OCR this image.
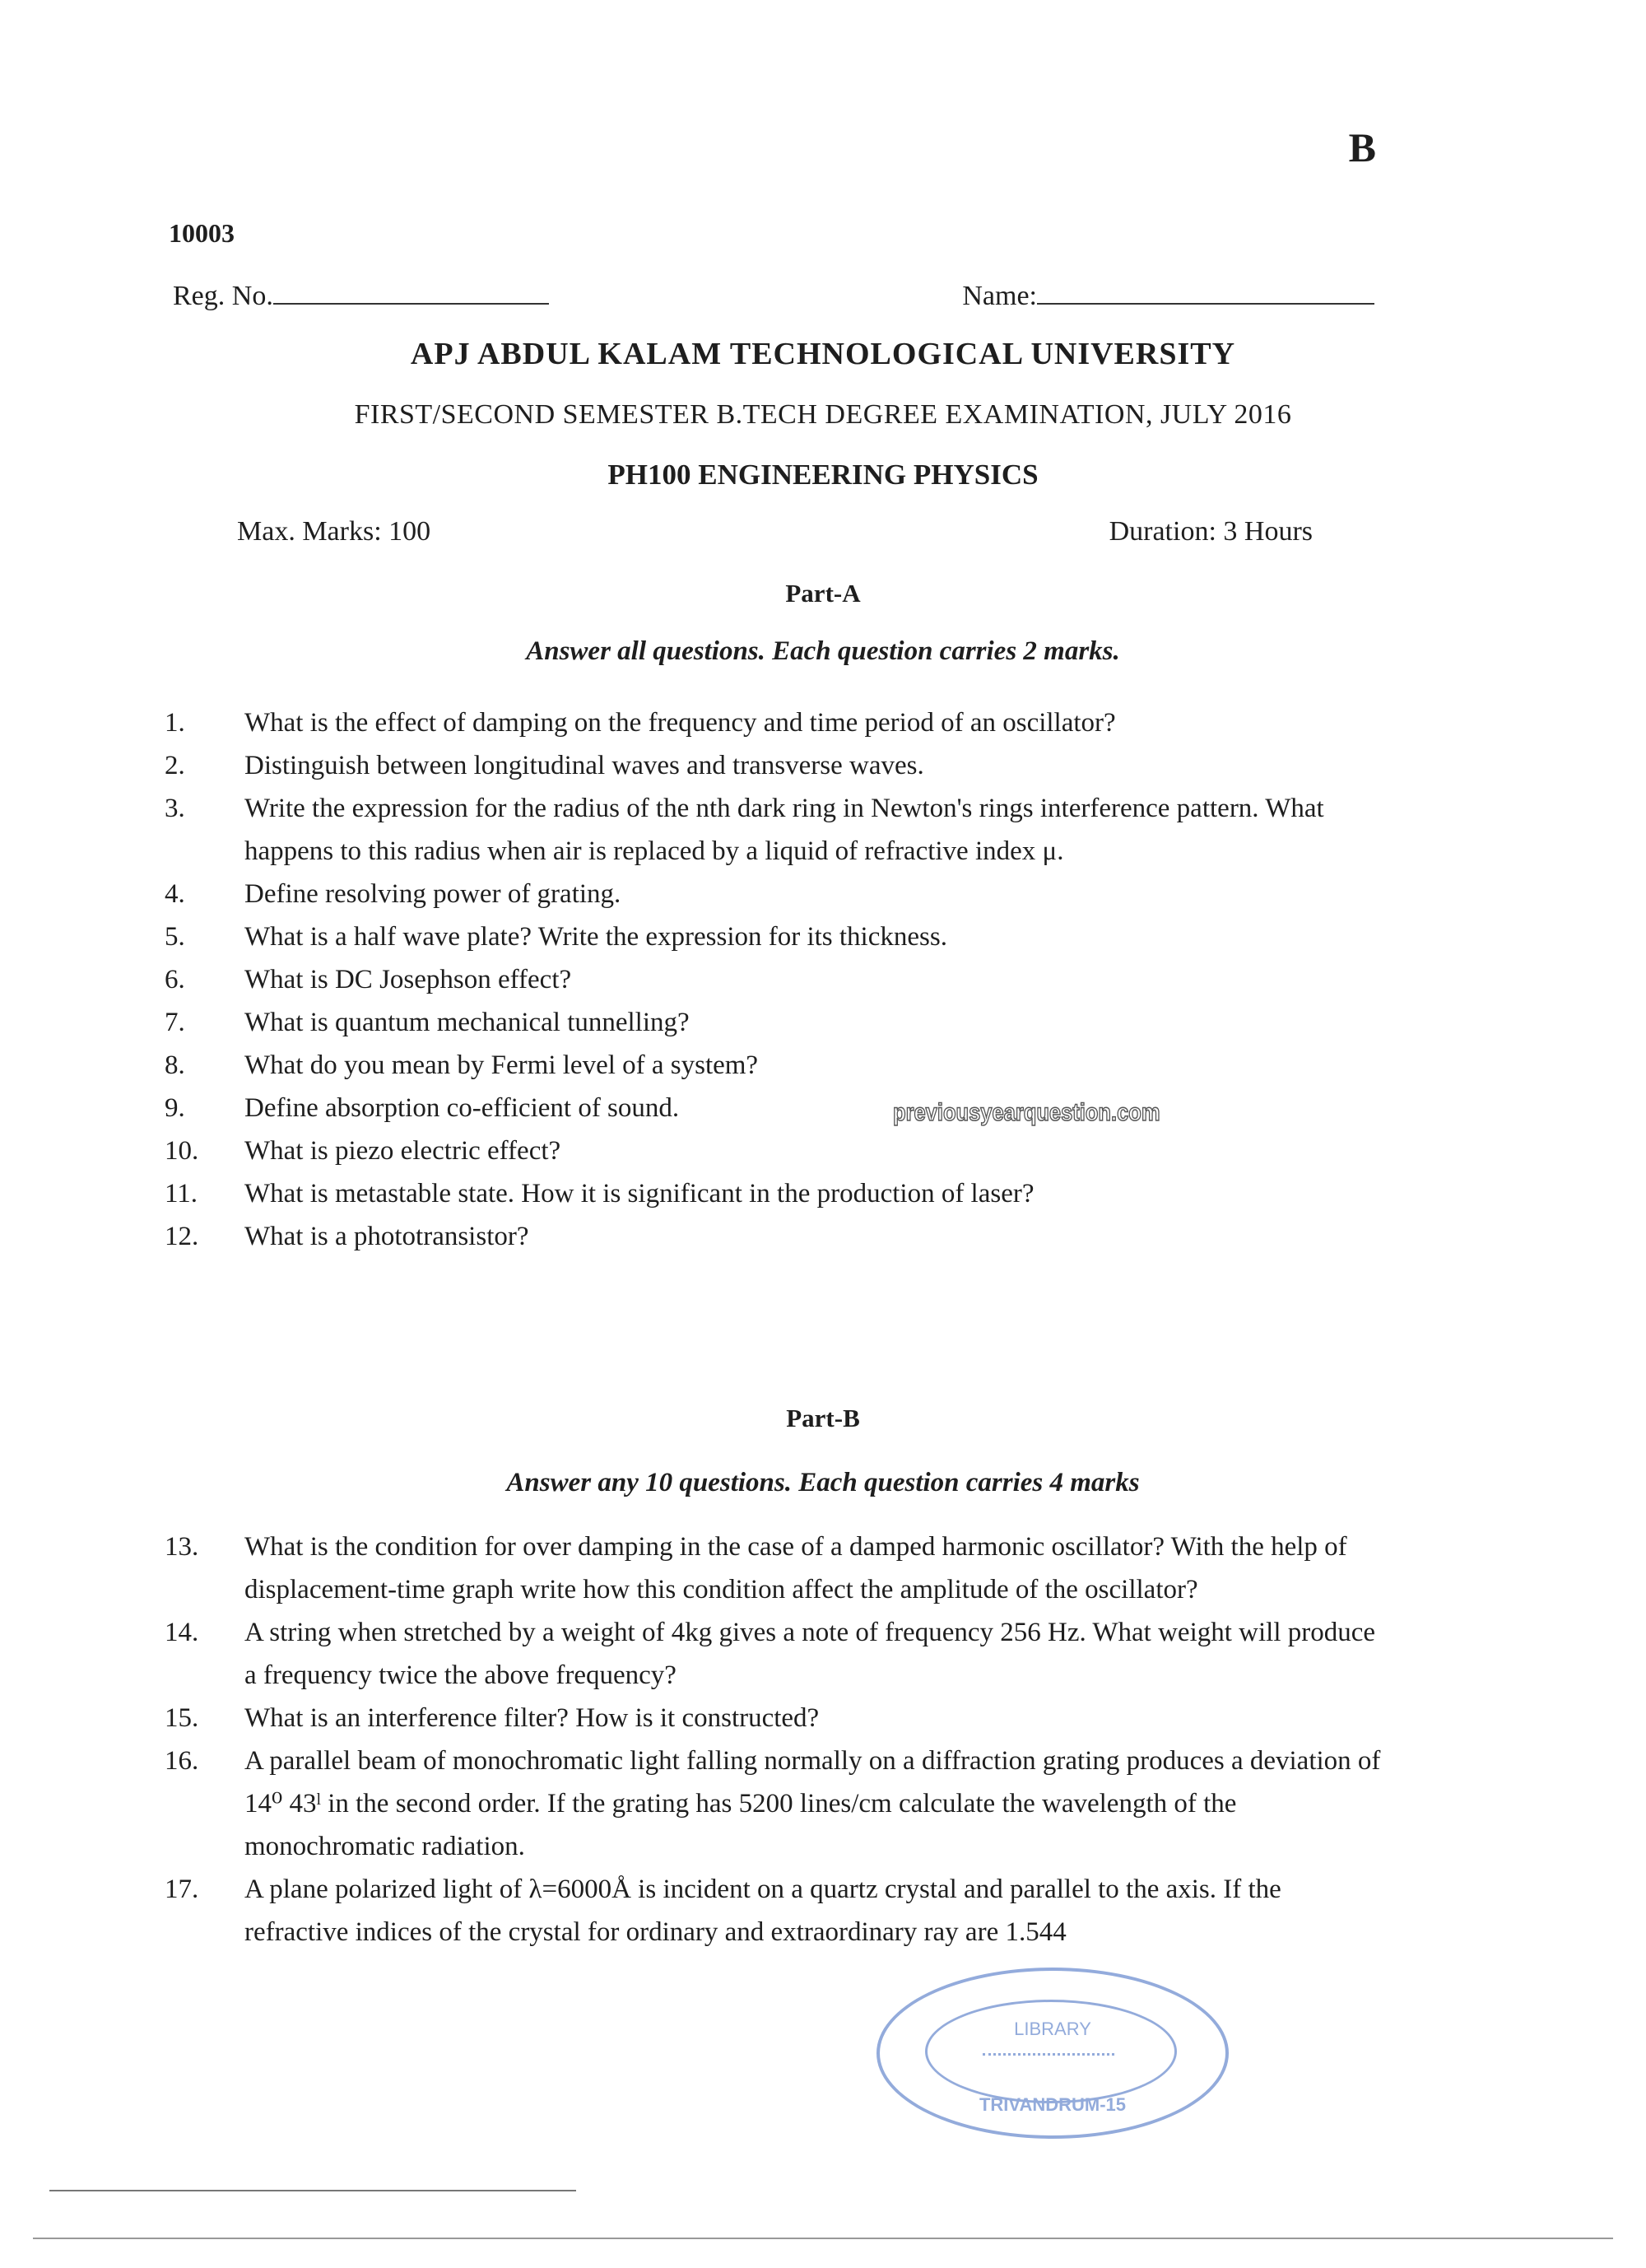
B
10003
Reg. No.	Name:
APJ ABDUL KALAM TECHNOLOGICAL UNIVERSITY
FIRST/SECOND SEMESTER B.TECH DEGREE EXAMINATION, JULY 2016
PH100 ENGINEERING PHYSICS
Max. Marks: 100	Duration: 3 Hours
Part-A
Answer all questions. Each question carries 2 marks.
1.	What is the effect of damping on the frequency and time period of an oscillator?
2.	Distinguish between longitudinal waves and transverse waves.
3.	Write the expression for the radius of the nth dark ring in Newton's rings interference pattern. What happens to this radius when air is replaced by a liquid of refractive index μ.
4.	Define resolving power of grating.
5.	What is a half wave plate? Write the expression for its thickness.
6.	What is DC Josephson effect?
7.	What is quantum mechanical tunnelling?
8.	What do you mean by Fermi level of a system?
9.	Define absorption co-efficient of sound.
10.	What is piezo electric effect?
11.	What is metastable state. How it is significant in the production of laser?
12.	What is a phototransistor?
previousyearquestion.com
Part-B
Answer any 10 questions. Each question carries 4 marks
13.	What is the condition for over damping in the case of a damped harmonic oscillator? With the help of displacement-time graph write how this condition affect the amplitude of the oscillator?
14.	A string when stretched by a weight of 4kg gives a note of frequency 256 Hz. What weight will produce a frequency twice the above frequency?
15.	What is an interference filter? How is it constructed?
16.	A parallel beam of monochromatic light falling normally on a diffraction grating produces a deviation of 14⁰ 43ˡ in the second order. If the grating has 5200 lines/cm calculate the wavelength of the monochromatic radiation.
17.	A plane polarized light of λ=6000Å is incident on a quartz crystal and parallel to the axis. If the refractive indices of the crystal for ordinary and extraordinary ray are 1.544
LIBRARY
TRIVANDRUM-15
